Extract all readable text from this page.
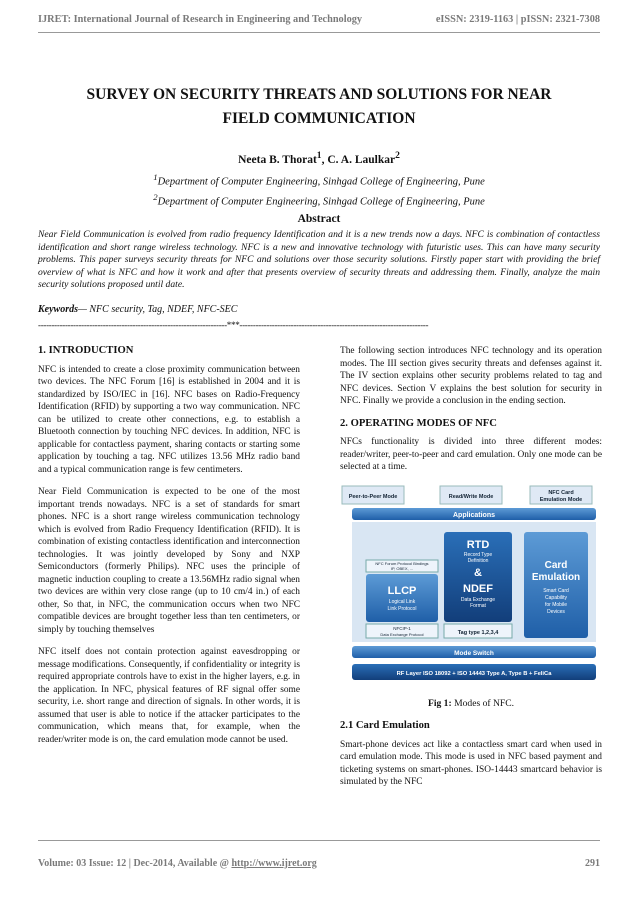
IJRET: International Journal of Research in Engineering and Technology	eISSN: 2319-1163 | pISSN: 2321-7308
SURVEY ON SECURITY THREATS AND SOLUTIONS FOR NEAR
FIELD COMMUNICATION
Neeta B. Thorat$^1$, C. A. Laulkar$^2$
$^1$Department of Computer Engineering, Sinhgad College of Engineering, Pune
$^2$Department of Computer Engineering, Sinhgad College of Engineering, Pune
Abstract
Near Field Communication is evolved from radio frequency Identification and it is a new trends now a days. NFC is combination of contactless identification and short range wireless technology. NFC is a new and innovative technology with futuristic uses. This can have many security problems. This paper surveys security threats for NFC and solutions over those security solutions. Firstly paper start with providing the brief overview of what is NFC and how it work and after that presents overview of security threats and addressing them. Finally, analyze the main security solutions proposed until date.
Keywords— NFC security, Tag, NDEF, NFC-SEC
----------------------------------------------------------------------***----------------------------------------------------------------------
1. INTRODUCTION

NFC is intended to create a close proximity communication between two devices. The NFC Forum [16] is established in 2004 and it is standardized by ISO/IEC in [16]. NFC bases on Radio-Frequency Identification (RFID) by supporting a two way communication. NFC can be utilized to create other connections, e.g. to establish a Bluetooth connection by touching NFC devices. In addition, NFC is applicable for contactless payment, sharing contacts or starting some application by touching a tag. NFC utilizes 13.56 MHz radio band and a typical communication range is few centimeters.

Near Field Communication is expected to be one of the most important trends nowadays. NFC is a set of standards for smart phones. NFC is a short range wireless communication technology which is evolved from Radio Frequency Identification (RFID). It is combination of existing contactless identification and interconnection technologies. It was jointly developed by Sony and NXP Semiconductors (formerly Philips). NFC uses the principle of magnetic induction coupling to create a 13.56MHz radio signal when two devices are within very close range (up to 10 cm/4 in.) of each other, So that, in NFC, the communication occurs when two NFC compatible devices are brought together less than ten centimeters, or simply by touching themselves

NFC itself does not contain protection against eavesdropping or message modifications. Consequently, if confidentiality or integrity is required appropriate controls have to exist in the higher layers, e.g. in the application. In NFC, physical features of RF signal offer some security, i.e. short range and direction of signals. In other words, it is assumed that user is able to notice if the attacker participates to the communication, which means that, for example, when the reader/writer mode is on, the card emulation mode cannot be used.

The following section introduces NFC technology and its operation modes. The III section gives security threats and defenses against it. The IV section explains other security problems related to tag and NFC devices. Section V explains the best solution for security in NFC. Finally we provide a conclusion in the ending section.

2. OPERATING MODES OF NFC

NFCs functionality is divided into three different modes: reader/writer, peer-to-peer and card emulation. Only one mode can be selected at a time.

Peer-to-Peer Mode	Read/Write Mode
NFC Card
Emulation Mode
Applications
NFC Forum Protocol Bindings
IP, OBEX, ...
LLCP
Logical Link
Link Protocol
NFCIP-1
Data Exchange Protocol
RTD
Record Type
Definition
&
NDEF
Data Exchange
Format
Tag type 1,2,3,4
Card
Emulation
Smart Card
Capability
for Mobile
Devices
Mode Switch
RF Layer ISO 18092 + ISO 14443 Type A, Type B + FeliCa

Fig 1: Modes of NFC.

2.1 Card Emulation

Smart-phone devices act like a contactless smart card when used in card emulation mode. This mode is used in NFC based payment and ticketing systems on smart-phones. ISO-14443 smartcard behavior is simulated by the NFC

Volume: 03 Issue: 12 | Dec-2014, Available @ http://www.ijret.org	291
